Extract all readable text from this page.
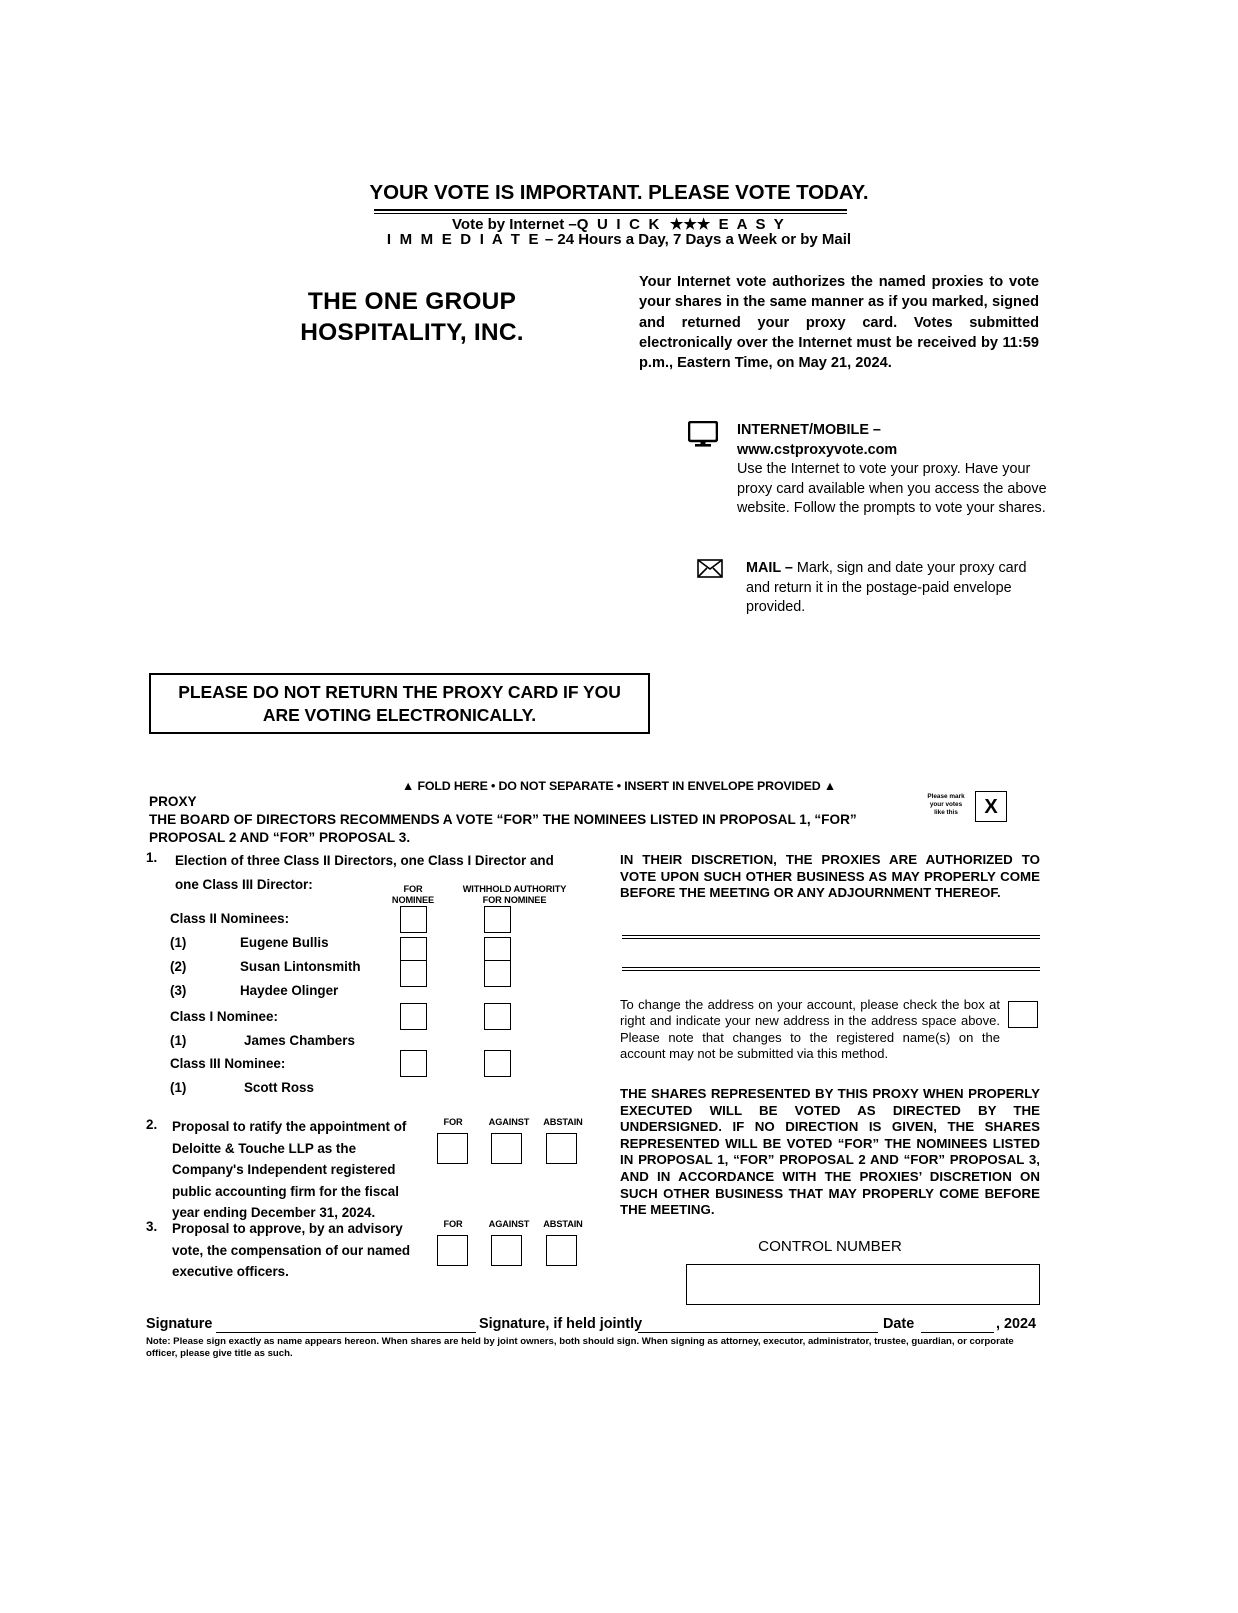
YOUR VOTE IS IMPORTANT. PLEASE VOTE TODAY.
Vote by Internet –Q U I C K ★★★ E A S Y
I M M E D I A T E – 24 Hours a Day, 7 Days a Week or by Mail
THE ONE GROUP
HOSPITALITY, INC.
Your Internet vote authorizes the named proxies to vote your shares in the same manner as if you marked, signed and returned your proxy card. Votes submitted electronically over the Internet must be received by 11:59 p.m., Eastern Time, on May 21, 2024.
INTERNET/MOBILE –
www.cstproxyvote.com
Use the Internet to vote your proxy. Have your proxy card available when you access the above website. Follow the prompts to vote your shares.
MAIL – Mark, sign and date your proxy card and return it in the postage-paid envelope provided.
PLEASE DO NOT RETURN THE PROXY CARD IF YOU
ARE VOTING ELECTRONICALLY.
▲ FOLD HERE • DO NOT SEPARATE • INSERT IN ENVELOPE PROVIDED ▲
PROXY
THE BOARD OF DIRECTORS RECOMMENDS A VOTE “FOR” THE NOMINEES LISTED IN PROPOSAL 1, “FOR” PROPOSAL 2 AND “FOR” PROPOSAL 3.
Please mark
your votes
like this	X
1. Election of three Class II Directors, one Class I Director and one Class III Director:	FOR
NOMINEE
WITHHOLD AUTHORITY
FOR NOMINEE
Class II Nominees:
(1)	Eugene Bullis
(2)	Susan Lintonsmith
(3)	Haydee Olinger
Class I Nominee:
(1)	James Chambers
Class III Nominee:
(1)	Scott Ross
2. Proposal to ratify the appointment of Deloitte & Touche LLP as the Company's Independent registered public accounting firm for the fiscal year ending December 31, 2024.
FOR	AGAINST	ABSTAIN
3. Proposal to approve, by an advisory vote, the compensation of our named executive officers.
FOR	AGAINST	ABSTAIN
IN THEIR DISCRETION, THE PROXIES ARE AUTHORIZED TO VOTE UPON SUCH OTHER BUSINESS AS MAY PROPERLY COME BEFORE THE MEETING OR ANY ADJOURNMENT THEREOF.
To change the address on your account, please check the box at right and indicate your new address in the address space above. Please note that changes to the registered name(s) on the account may not be submitted via this method.
THE SHARES REPRESENTED BY THIS PROXY WHEN PROPERLY EXECUTED WILL BE VOTED AS DIRECTED BY THE UNDERSIGNED. IF NO DIRECTION IS GIVEN, THE SHARES REPRESENTED WILL BE VOTED “FOR” THE NOMINEES LISTED IN PROPOSAL 1, “FOR” PROPOSAL 2 AND “FOR” PROPOSAL 3, AND IN ACCORDANCE WITH THE PROXIES’ DISCRETION ON SUCH OTHER BUSINESS THAT MAY PROPERLY COME BEFORE THE MEETING.
CONTROL NUMBER
Signature	Signature, if held jointly	Date	, 2024
Note: Please sign exactly as name appears hereon. When shares are held by joint owners, both should sign. When signing as attorney, executor, administrator, trustee, guardian, or corporate officer, please give title as such.
